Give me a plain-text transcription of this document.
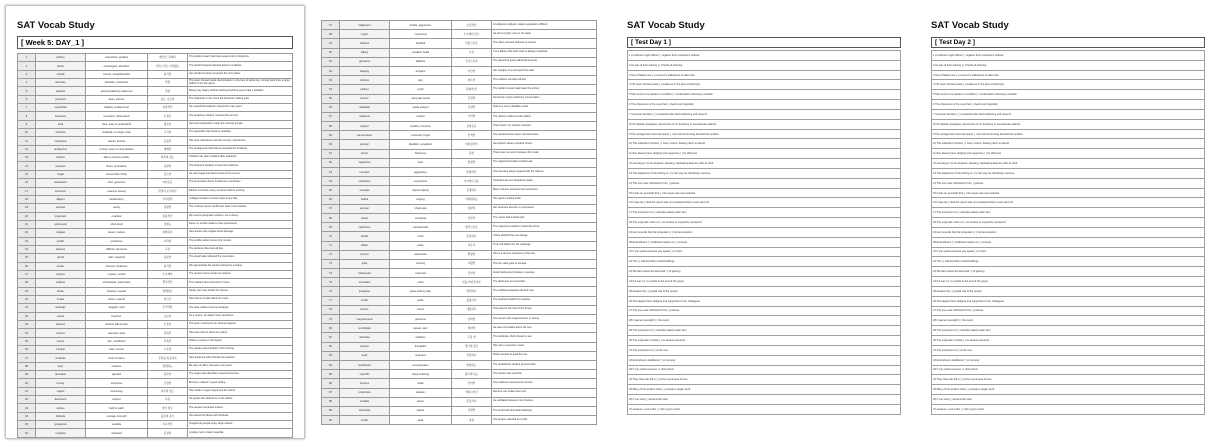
SAT Vocab Study
[ Week 5: DAY_1 ]
1	pristine	untouched, spotless	깨끗한, 원래의	The pristine beach had clear water and no footprints.
2	lavish	extravagant, abundant	사치스러운, 아낌없는	The lavish banquet featured dozens of dishes.
3	candid	honest, straightforward	솔직한	Her candid remarks surprised the committee.
4	adversity	hardship, misfortune	역경	The team showed great determination in the face of adversity, coming back from a large deficit to win the game.
5	paradox	self-contradictory statement	역설	Being truly happy without wanting anything seems like a paradox.
6	profound	deep, intense	깊은, 심오한	The character in the novel felt profound, lasting guilt.
7	superficial	shallow, surface-level	피상적인	Her superficial analysis missed the main point.
8	tenacious	persistent, determined	끈질긴	The tenacious climber reached the summit.
9	lucid	clear, easy to understand	명료한	His lucid explanation made the concept simple.
10	obsolete	outdated, no longer used	구식의	The typewriter has become obsolete.
11	meticulous	careful, precise	꼼꼼한	She kept meticulous records of every experiment.
12	ambiguous	unclear, open to interpretation	애매한	The ambiguous instructions confused the students.
13	resilient	able to recover quickly	회복력 있는	Children are often resilient after setbacks.
14	eloquent	fluent, persuasive	웅변의	The eloquent speaker moved the audience.
15	frugal	economical, thrifty	검소한	He was frugal and saved most of his income.
16	benevolent	kind, generous	자비로운	The benevolent donor funded the new library.
17	scrutinize	examine closely	면밀히 조사하다	Editors scrutinize every sentence before printing.
18	diligent	hardworking	부지런한	A diligent student reviews notes every day.
19	verbose	wordy	장황한	The verbose report could have been much shorter.
20	pragmatic	practical	실용적인	We need a pragmatic solution, not a theory.
21	ephemeral	short-lived	덧없는	Fame on social media is often ephemeral.
22	mitigate	lessen, reduce	완화하다	New levees will mitigate flood damage.
23	prolific	productive	다작의	The prolific author wrote forty novels.
24	arduous	difficult, strenuous	고된	The arduous hike took all day.
25	placid	calm, peaceful	차분한	The placid lake reflected the mountains.
26	candor	honesty, frankness	솔직함	We appreciated his candor during the meeting.
27	enigma	mystery, puzzle	수수께끼	The ancient ruins remain an enigma.
28	zealous	enthusiastic, passionate	열성적인	The zealous fans cheered for hours.
29	hinder	obstruct, impede	방해하다	Heavy rain may hinder the rescue.
30	innate	inborn, natural	타고난	She had an innate talent for music.
31	lethargic	sluggish, tired	무기력한	The heat made everyone lethargic.
32	novice	beginner	초보자	As a novice, he asked many questions.
33	obscure	unclear, little known	모호한	The poem referred to an obscure legend.
34	reticent	reserved, quiet	과묵한	She was reticent about her plans.
35	scarce	rare, insufficient	부족한	Water is scarce in the desert.
36	tranquil	calm, serene	고요한	The garden was tranquil in the morning.
37	vindicate	clear of blame	무죄를 입증하다	New evidence will vindicate the suspect.
38	wary	cautious	경계하는	Be wary of offers that seem too good.
39	abundant	plentiful	풍부한	The region has abundant natural resources.
40	brevity	shortness	간결함	Brevity is valued in good writing.
41	cogent	convincing	설득력 있는	She made a cogent argument for reform.
42	deference	respect	존중	He spoke with deference to his elders.
43	elusive	hard to catch	찾기 힘든	The answer remained elusive.
44	fortitude	courage, strength	불굴의 용기	She faced the illness with fortitude.
45	gregarious	sociable	사교적인	Gregarious people enjoy large parties.
46	impartial	unbiased	공정한	A judge must remain impartial.
47	belligerent	hostile, aggressive	호전적인	A belligerent attitude makes negotiation difficult.
48	cryptic	mysterious	수수께끼 같은	He left a cryptic note on the desk.
49	dubious	doubtful	의심스러운	The claim seemed dubious to experts.
50	fallacy	mistaken belief	오류	It is a fallacy that hard work is always rewarded.
51	garrulous	talkative	수다스러운	The garrulous guest talked all evening.
52	haughty	arrogant	거만한	Her haughty tone annoyed the staff.
53	indolent	lazy	게으른	The indolent cat slept all day.
54	jubilant	joyful	환희에 찬	The jubilant crowd celebrated the victory.
55	laconic	using few words	간결한	His laconic reply ended the conversation.
56	malleable	easily shaped	유연한	Gold is a very malleable metal.
57	nefarious	wicked	사악한	The villain's nefarious plan failed.
58	opulent	wealthy, luxurious	호화로운	They lived in an opulent mansion.
59	parsimonious	extremely frugal	인색한	The parsimonious owner refused raises.
60	quixotic	idealistic, unrealistic	비현실적인	His quixotic dream inspired others.
61	rancor	bitterness	원한	There was no rancor between the rivals.
62	sagacious	wise	현명한	The sagacious leader avoided war.
63	truculent	aggressive	반항적인	The truculent player argued with the referee.
64	ubiquitous	everywhere	어디에나 있는	Smartphones are ubiquitous today.
65	venerate	respect deeply	존경하다	Many cultures venerate their ancestors.
66	wistful	longing	아쉬워하는	She gave a wistful smile.
67	acumen	sharpness	통찰력	Her business acumen is impressive.
68	banal	unoriginal	진부한	The movie had a banal plot.
69	capricious	unpredictable	변덕스러운	The capricious weather ruined the picnic.
70	deride	mock	조롱하다	Critics derided the new design.
71	efface	erase	지우다	Time will efface the old markings.
72	fervent	passionate	열렬한	She is a fervent supporter of the arts.
73	guile	cunning	교활함	The fox used guile to escape.
74	hackneyed	overused	진부한	Avoid hackneyed phrases in essays.
75	iconoclast	rebel	인습 타파주의자	The artist was an iconoclast.
76	juxtapose	place side by side	병치하다	The exhibit juxtaposes old and new.
77	kindle	ignite	불붙이다	The teacher kindled his curiosity.
78	lament	mourn	애통하다	They lament the loss of the forest.
79	magnanimous	generous	관대한	The winner was magnanimous in victory.
80	nonchalant	casual, calm	태연한	He was nonchalant about the test.
81	obstinate	stubborn	고집 센	The obstinate child refused to eat.
82	pensive	thoughtful	생각에 잠긴	She sat in a pensive mood.
83	quell	suppress	진압하다	Police worked to quell the riot.
84	recalcitrant	uncooperative	반항하는	The recalcitrant student ignored rules.
85	soporific	sleep-inducing	졸리게 하는	The lecture was soporific.
86	tenuous	weak	빈약한	The evidence was tenuous at best.
87	undermine	weaken	약화시키다	Rumors can undermine trust.
88	vacillate	waver	흔들리다	He vacillated between two choices.
89	whimsical	playful	기발한	The book had whimsical drawings.
90	zenith	peak	정점	The empire reached its zenith.
SAT Vocab Study
[ Test Day 1 ]
1 a politician might deliver ( ) against their opponent's policies
2 As part of their training ( ) inherits of learning
3 Use of fabian use ( ) a person's willingness to take risks
4 The team showed great ( ) resilience in the face of adversity
5 She tends to be passive in conflicts ( ) confrontation whenever possible
6 The characters in the novel felt ( ) depth and originality
7 Cosmetic dentistry ( ) procedures like teeth whitening and veneers
8 The tabloid newspaper was known for its tendency to sensational celebrity
9 The protagonist's stoic demeanor ( ) the turmoil brewing beneath the surface
10 The politician's rhetoric ( ) many voters, drawing them to attend
11 She always been obliging and supportive ( ) its offensive
12 Her lawyer, for its eloquent, pleasing, captivating listeners with its vivid
13 The eloquence of the writing is ( ) in the way he effortlessly conveys
14 The prey was criticized for his ( ) policies
15 It was an oversight that ( ) the report was not reviewed
16 It was as ( ) that the report was not reviewed before it was sent out
17 The proportion of ( ) carefully selects each item
18 The enigmatic voice of ( ) an elusive or mysterious presence
19 He contends that his proposal is ( ) the best solution
20 Embodiment ( ) traditional notions of ( ) concept
21 If you scold someone you speak ( ) to them
22 The ( ) cultural shift in local buildings
23 We will receive the Illuminati ( ) of gaming
24 If it was a ( ) in words to the end of the group
25 Despite the ( ) pivotal role of the project
26 She always been obliging and supportive to her colleagues
27 The prey was criticized for his ( ) policies
28 It was an oversight ( ) the report
29 The proportion of ( ) carefully selects each item
30 The enigmatic novelist ( ) an elusive presence
31 The proportion of ( ) at the sea
32 Embodiment traditional ( ) of concept
33 If you scold someone ( ) about them
34 They were the fall in ( ) at the movement of tone
35 Many of the ancient have ( ) at least a single trend
36 If you wrap ( ) around the neck
37 However, a sour film ( ) with a grim mood
SAT Vocab Study
[ Test Day 2 ]
1 a politician might deliver ( ) against their opponent's policies
2 As part of their training ( ) inherits of learning
3 Use of fabian use ( ) a person's willingness to take risks
4 The team showed great ( ) resilience in the face of adversity
5 She tends to be passive in conflicts ( ) confrontation whenever possible
6 The characters in the novel felt ( ) depth and originality
7 Cosmetic dentistry ( ) procedures like teeth whitening and veneers
8 The tabloid newspaper was known for its tendency to sensational celebrity
9 The protagonist's stoic demeanor ( ) the turmoil brewing beneath the surface
10 The politician's rhetoric ( ) many voters, drawing them to attend
11 She always been obliging and supportive ( ) its offensive
12 Her lawyer, for its eloquent, pleasing, captivating listeners with its vivid
13 The eloquence of the writing is ( ) in the way he effortlessly conveys
14 The prey was criticized for his ( ) policies
15 It was an oversight that ( ) the report was not reviewed
16 It was as ( ) that the report was not reviewed before it was sent out
17 The proportion of ( ) carefully selects each item
18 The enigmatic voice of ( ) an elusive or mysterious presence
19 He contends that his proposal is ( ) the best solution
20 Embodiment ( ) traditional notions of ( ) concept
21 If you scold someone you speak ( ) to them
22 The ( ) cultural shift in local buildings
23 We will receive the Illuminati ( ) of gaming
24 If it was a ( ) in words to the end of the group
25 Despite the ( ) pivotal role of the project
26 She always been obliging and supportive to her colleagues
27 The prey was criticized for his ( ) policies
28 It was an oversight ( ) the report
29 The proportion of ( ) carefully selects each item
30 The enigmatic novelist ( ) an elusive presence
31 The proportion of ( ) at the sea
32 Embodiment traditional ( ) of concept
33 If you scold someone ( ) about them
34 They were the fall in ( ) at the movement of tone
35 Many of the ancient have ( ) at least a single trend
36 If you wrap ( ) around the neck
37 However, a sour film ( ) with a grim mood
